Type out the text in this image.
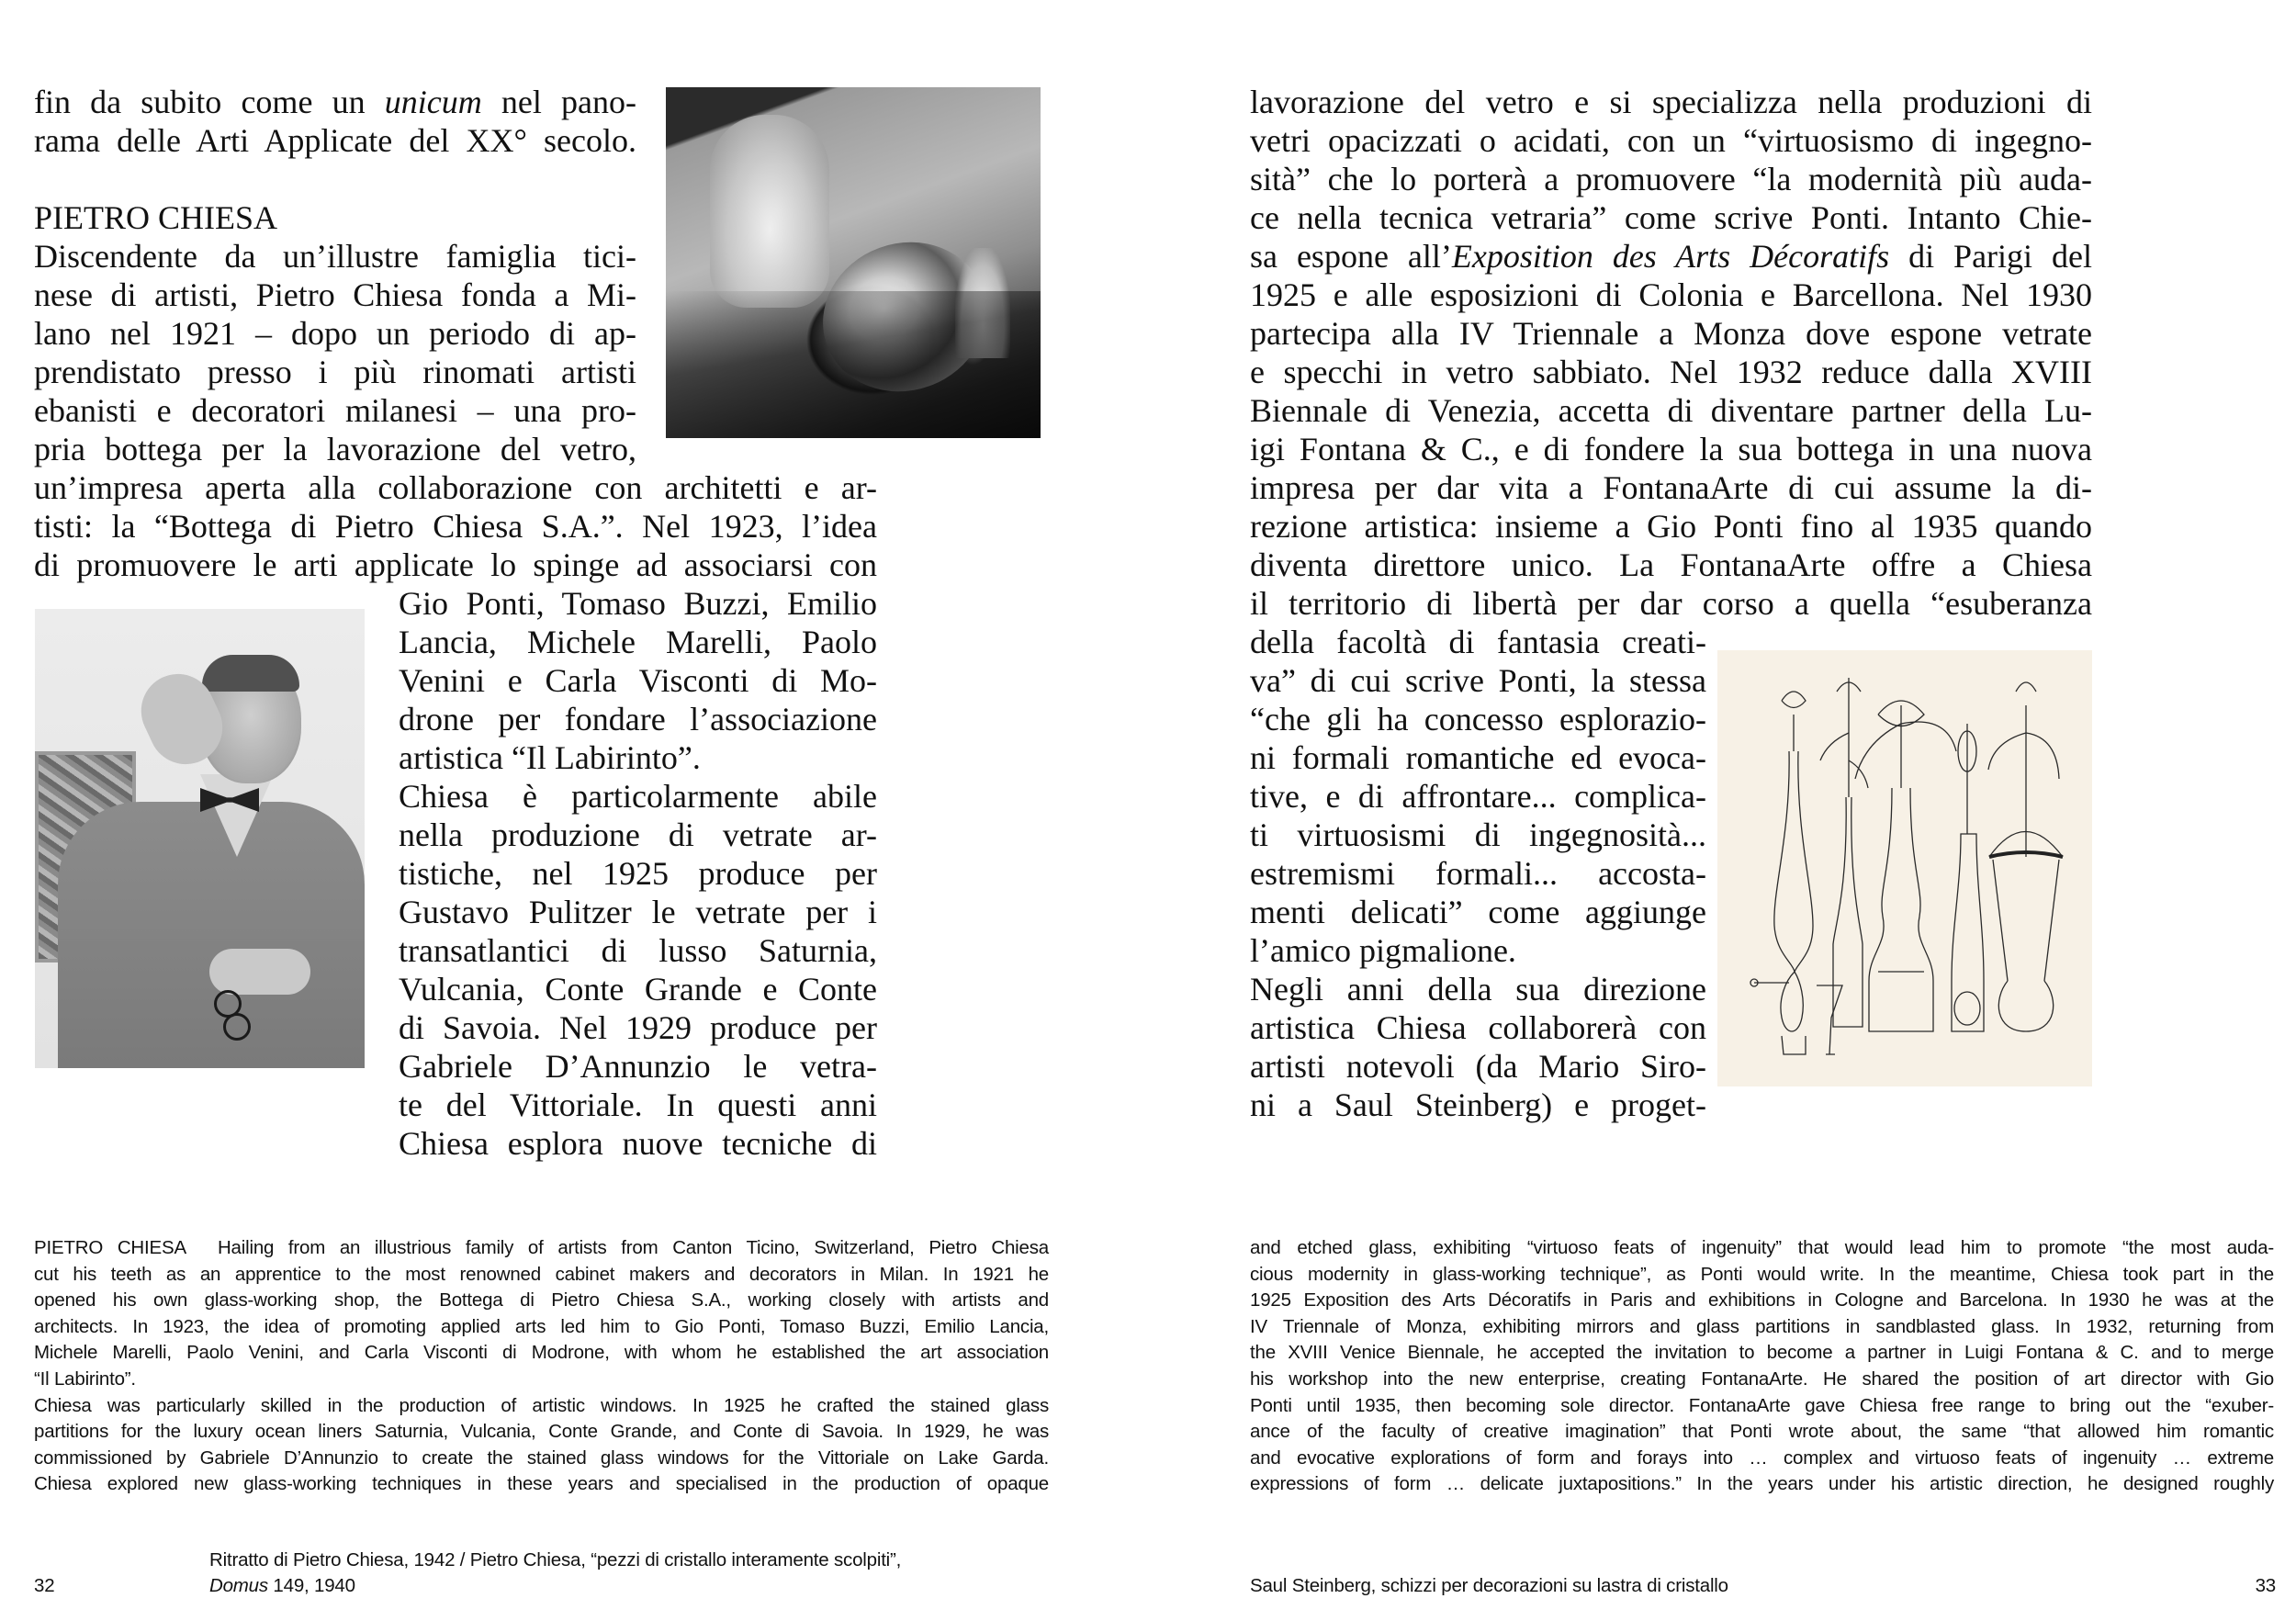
fin da subito come un unicum nel pano-
rama delle Arti Applicate del XX° secolo.
PIETRO CHIESA
Discendente da un’illustre famiglia tici-
nese di artisti, Pietro Chiesa fonda a Mi-
lano nel 1921 – dopo un periodo di ap-
prendistato presso i più rinomati artisti
ebanisti e decoratori milanesi – una pro-
pria bottega per la lavorazione del vetro,
un’impresa aperta alla collaborazione con architetti e ar-
tisti: la “Bottega di Pietro Chiesa S.A.”. Nel 1923, l’idea
di promuovere le arti applicate lo spinge ad associarsi con
Gio Ponti, Tomaso Buzzi, Emilio
Lancia, Michele Marelli, Paolo
Venini e Carla Visconti di Mo-
drone per fondare l’associazione
artistica “Il Labirinto”.
Chiesa è particolarmente abile
nella produzione di vetrate ar-
tistiche, nel 1925 produce per
Gustavo Pulitzer le vetrate per i
transatlantici di lusso Saturnia,
Vulcania, Conte Grande e Conte
di Savoia. Nel 1929 produce per
Gabriele D’Annunzio le vetra-
te del Vittoriale. In questi anni
Chiesa esplora nuove tecniche di
PIETRO CHIESA Hailing from an illustrious family of artists from Canton Ticino, Switzerland, Pietro Chiesa
cut his teeth as an apprentice to the most renowned cabinet makers and decorators in Milan. In 1921 he
opened his own glass-working shop, the Bottega di Pietro Chiesa S.A., working closely with artists and
architects. In 1923, the idea of promoting applied arts led him to Gio Ponti, Tomaso Buzzi, Emilio Lancia,
Michele Marelli, Paolo Venini, and Carla Visconti di Modrone, with whom he established the art association
“Il Labirinto”.
Chiesa was particularly skilled in the production of artistic windows. In 1925 he crafted the stained glass
partitions for the luxury ocean liners Saturnia, Vulcania, Conte Grande, and Conte di Savoia. In 1929, he was
commissioned by Gabriele D’Annunzio to create the stained glass windows for the Vittoriale on Lake Garda.
Chiesa explored new glass-working techniques in these years and specialised in the production of opaque
32
Ritratto di Pietro Chiesa, 1942 / Pietro Chiesa, “pezzi di cristallo interamente scolpiti”,
Domus 149, 1940
lavorazione del vetro e si specializza nella produzioni di
vetri opacizzati o acidati, con un “virtuosismo di ingegno-
sità” che lo porterà a promuovere “la modernità più auda-
ce nella tecnica vetraria” come scrive Ponti. Intanto Chie-
sa espone all’Exposition des Arts Décoratifs di Parigi del
1925 e alle esposizioni di Colonia e Barcellona. Nel 1930
partecipa alla IV Triennale a Monza dove espone vetrate
e specchi in vetro sabbiato. Nel 1932 reduce dalla XVIII
Biennale di Venezia, accetta di diventare partner della Lu-
igi Fontana & C., e di fondere la sua bottega in una nuova
impresa per dar vita a FontanaArte di cui assume la di-
rezione artistica: insieme a Gio Ponti fino al 1935 quando
diventa direttore unico. La FontanaArte offre a Chiesa
il territorio di libertà per dar corso a quella “esuberanza
della facoltà di fantasia creati-
va” di cui scrive Ponti, la stessa
“che gli ha concesso esplorazio-
ni formali romantiche ed evoca-
tive, e di affrontare... complica-
ti virtuosismi di ingegnosità...
estremismi formali... accosta-
menti delicati” come aggiunge
l’amico pigmalione.
Negli anni della sua direzione
artistica Chiesa collaborerà con
artisti notevoli (da Mario Siro-
ni a Saul Steinberg) e proget-
and etched glass, exhibiting “virtuoso feats of ingenuity” that would lead him to promote “the most auda-
cious modernity in glass-working technique”, as Ponti would write. In the meantime, Chiesa took part in the
1925 Exposition des Arts Décoratifs in Paris and exhibitions in Cologne and Barcelona. In 1930 he was at the
IV Triennale of Monza, exhibiting mirrors and glass partitions in sandblasted glass. In 1932, returning from
the XVIII Venice Biennale, he accepted the invitation to become a partner in Luigi Fontana & C. and to merge
his workshop into the new enterprise, creating FontanaArte. He shared the position of art director with Gio
Ponti until 1935, then becoming sole director. FontanaArte gave Chiesa free range to bring out the “exuber-
ance of the faculty of creative imagination” that Ponti wrote about, the same “that allowed him romantic
and evocative explorations of form and forays into … complex and virtuoso feats of ingenuity … extreme
expressions of form … delicate juxtapositions.” In the years under his artistic direction, he designed roughly
Saul Steinberg, schizzi per decorazioni su lastra di cristallo	33
